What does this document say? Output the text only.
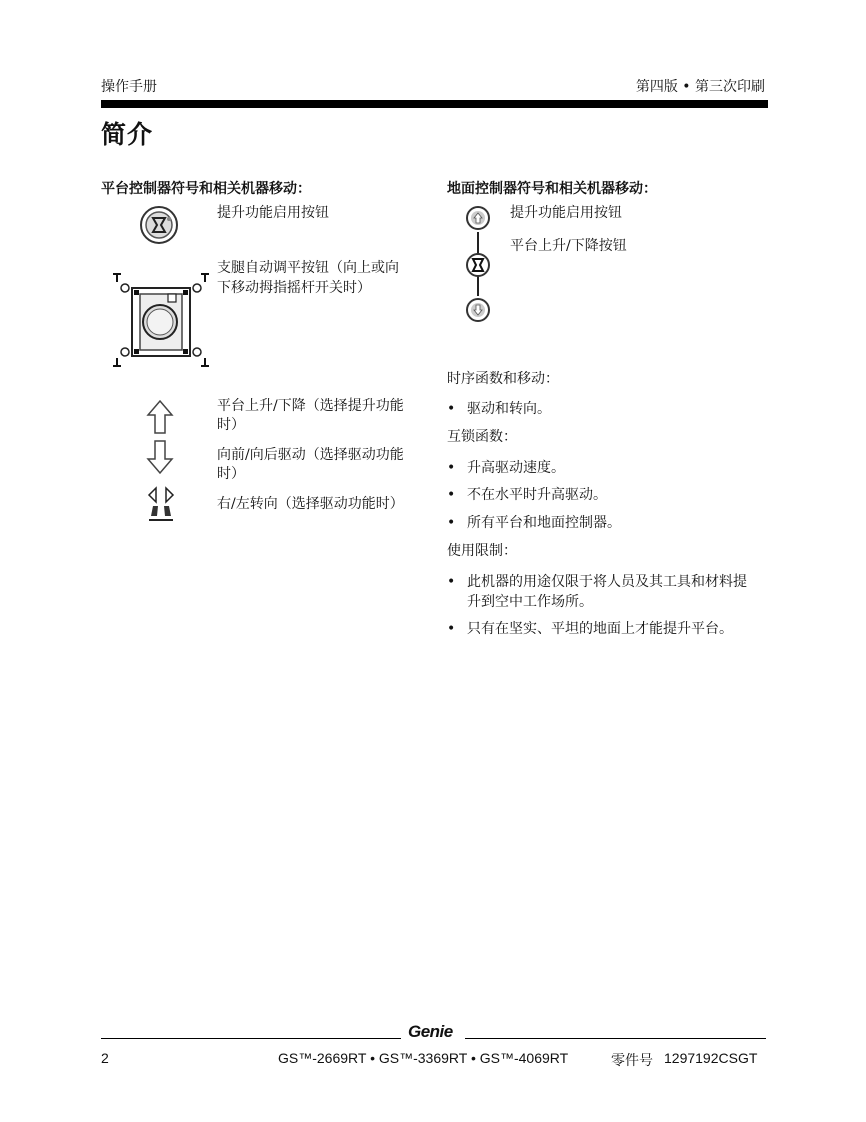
操作手册	第四版 • 第三次印刷
简介
平台控制器符号和相关机器移动：
提升功能启用按钮
支腿自动调平按钮（向上或向
下移动拇指摇杆开关时）
平台上升/下降（选择提升功能
时）
向前/向后驱动（选择驱动功能
时）
右/左转向（选择驱动功能时）
地面控制器符号和相关机器移动：
提升功能启用按钮
平台上升/下降按钮
时序函数和移动：
• 驱动和转向。
互锁函数：
• 升高驱动速度。
• 不在水平时升高驱动。
• 所有平台和地面控制器。
使用限制：
• 此机器的用途仅限于将人员及其工具和材料提
升到空中工作场所。
• 只有在坚实、平坦的地面上才能提升平台。
Genie
2	GS™-2669RT • GS™-3369RT • GS™-4069RT	零件号 1297192CSGT
